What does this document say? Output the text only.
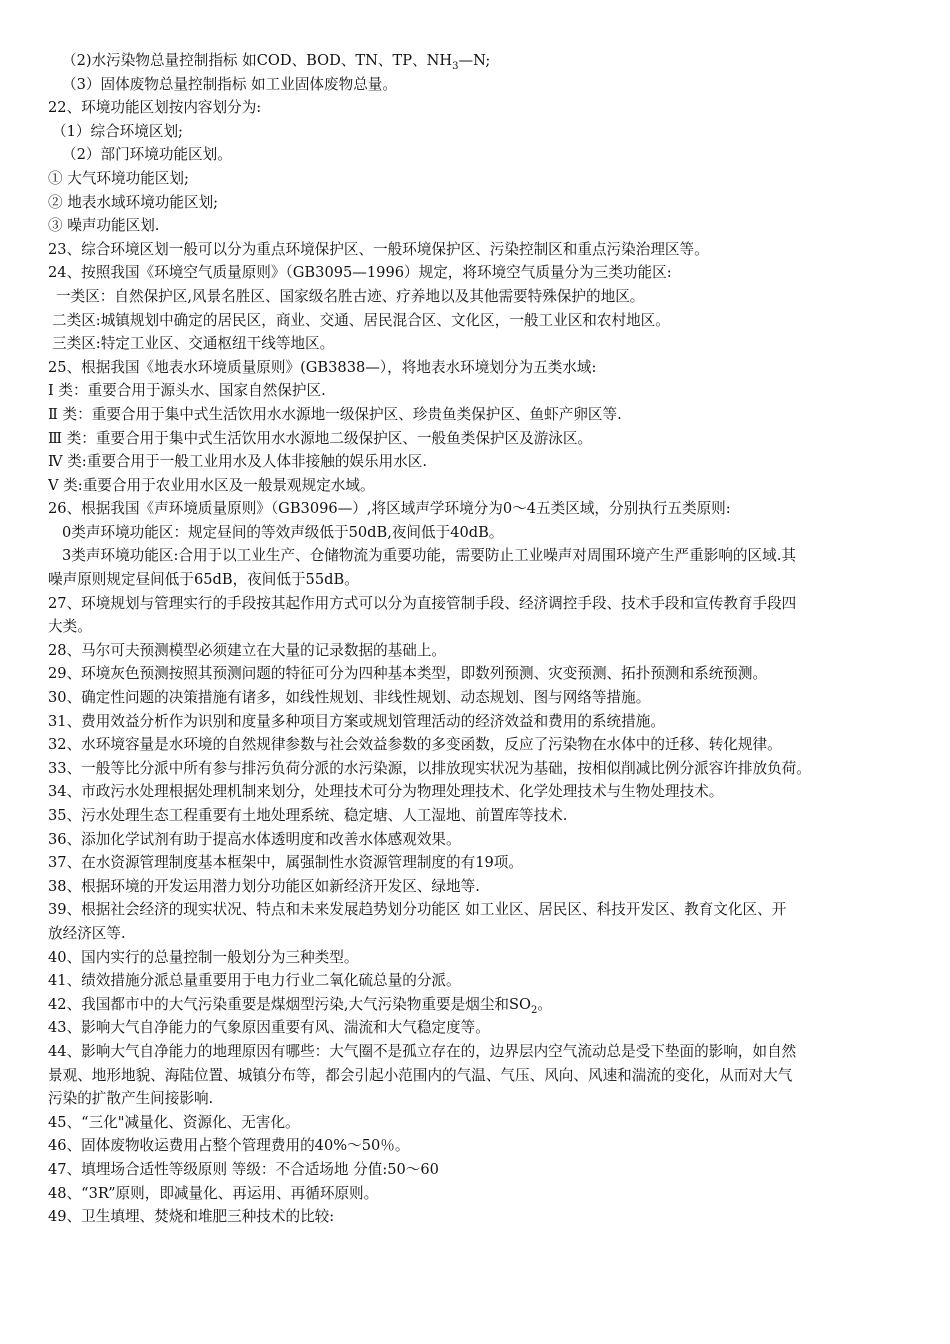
（2)水污染物总量控制指标 如COD、BOD、TN、TP、$NH_3—N$;
（3）固体废物总量控制指标 如工业固体废物总量。
22、环境功能区划按内容划分为:
（1）综合环境区划;
（2）部门环境功能区划。
① 大气环境功能区划;
② 地表水域环境功能区划;
③ 噪声功能区划.
23、综合环境区划一般可以分为重点环境保护区、一般环境保护区、污染控制区和重点污染治理区等。
24、按照我国《环境空气质量原则》（GB3095—1996）规定，将环境空气质量分为三类功能区:
一类区：自然保护区,风景名胜区、国家级名胜古迹、疗养地以及其他需要特殊保护的地区。
二类区:城镇规划中确定的居民区，商业、交通、居民混合区、文化区，一般工业区和农村地区。
三类区:特定工业区、交通枢纽干线等地区。
25、根据我国《地表水环境质量原则》(GB3838—），将地表水环境划分为五类水域:
Ⅰ 类：重要合用于源头水、国家自然保护区.
Ⅱ 类：重要合用于集中式生活饮用水水源地一级保护区、珍贵鱼类保护区、鱼虾产卵区等.
Ⅲ 类：重要合用于集中式生活饮用水水源地二级保护区、一般鱼类保护区及游泳区。
Ⅳ 类:重要合用于一般工业用水及人体非接触的娱乐用水区.
Ⅴ 类:重要合用于农业用水区及一般景观规定水域。
26、根据我国《声环境质量原则》（GB3096—）,将区域声学环境分为0～4五类区域，分别执行五类原则:
0类声环境功能区：规定昼间的等效声级低于50dB,夜间低于40dB。
3类声环境功能区:合用于以工业生产、仓储物流为重要功能，需要防止工业噪声对周围环境产生严重影响的区域.其
噪声原则规定昼间低于65dB，夜间低于55dB。
27、环境规划与管理实行的手段按其起作用方式可以分为直接管制手段、经济调控手段、技术手段和宣传教育手段四
大类。
28、马尔可夫预测模型必须建立在大量的记录数据的基础上。
29、环境灰色预测按照其预测问题的特征可分为四种基本类型，即数列预测、灾变预测、拓扑预测和系统预测。
30、确定性问题的决策措施有诸多，如线性规划、非线性规划、动态规划、图与网络等措施。
31、费用效益分析作为识别和度量多种项目方案或规划管理活动的经济效益和费用的系统措施。
32、水环境容量是水环境的自然规律参数与社会效益参数的多变函数，反应了污染物在水体中的迁移、转化规律。
33、一般等比分派中所有参与排污负荷分派的水污染源，以排放现实状况为基础，按相似削减比例分派容许排放负荷。
34、市政污水处理根据处理机制来划分，处理技术可分为物理处理技术、化学处理技术与生物处理技术。
35、污水处理生态工程重要有土地处理系统、稳定塘、人工湿地、前置库等技术.
36、添加化学试剂有助于提高水体透明度和改善水体感观效果。
37、在水资源管理制度基本框架中，属强制性水资源管理制度的有19项。
38、根据环境的开发运用潜力划分功能区如新经济开发区、绿地等.
39、根据社会经济的现实状况、特点和未来发展趋势划分功能区 如工业区、居民区、科技开发区、教育文化区、开
放经济区等.
40、国内实行的总量控制一般划分为三种类型。
41、绩效措施分派总量重要用于电力行业二氧化硫总量的分派。
42、我国都市中的大气污染重要是煤烟型污染,大气污染物重要是烟尘和$SO_2$。
43、影响大气自净能力的气象原因重要有风、湍流和大气稳定度等。
44、影响大气自净能力的地理原因有哪些：大气圈不是孤立存在的，边界层内空气流动总是受下垫面的影响，如自然
景观、地形地貌、海陆位置、城镇分布等，都会引起小范围内的气温、气压、风向、风速和湍流的变化，从而对大气
污染的扩散产生间接影响.
45、“三化"减量化、资源化、无害化。
46、固体废物收运费用占整个管理费用的40%～50％。
47、填埋场合适性等级原则 等级：不合适场地 分值:50～60
48、“3R”原则，即减量化、再运用、再循环原则。
49、卫生填埋、焚烧和堆肥三种技术的比较:
